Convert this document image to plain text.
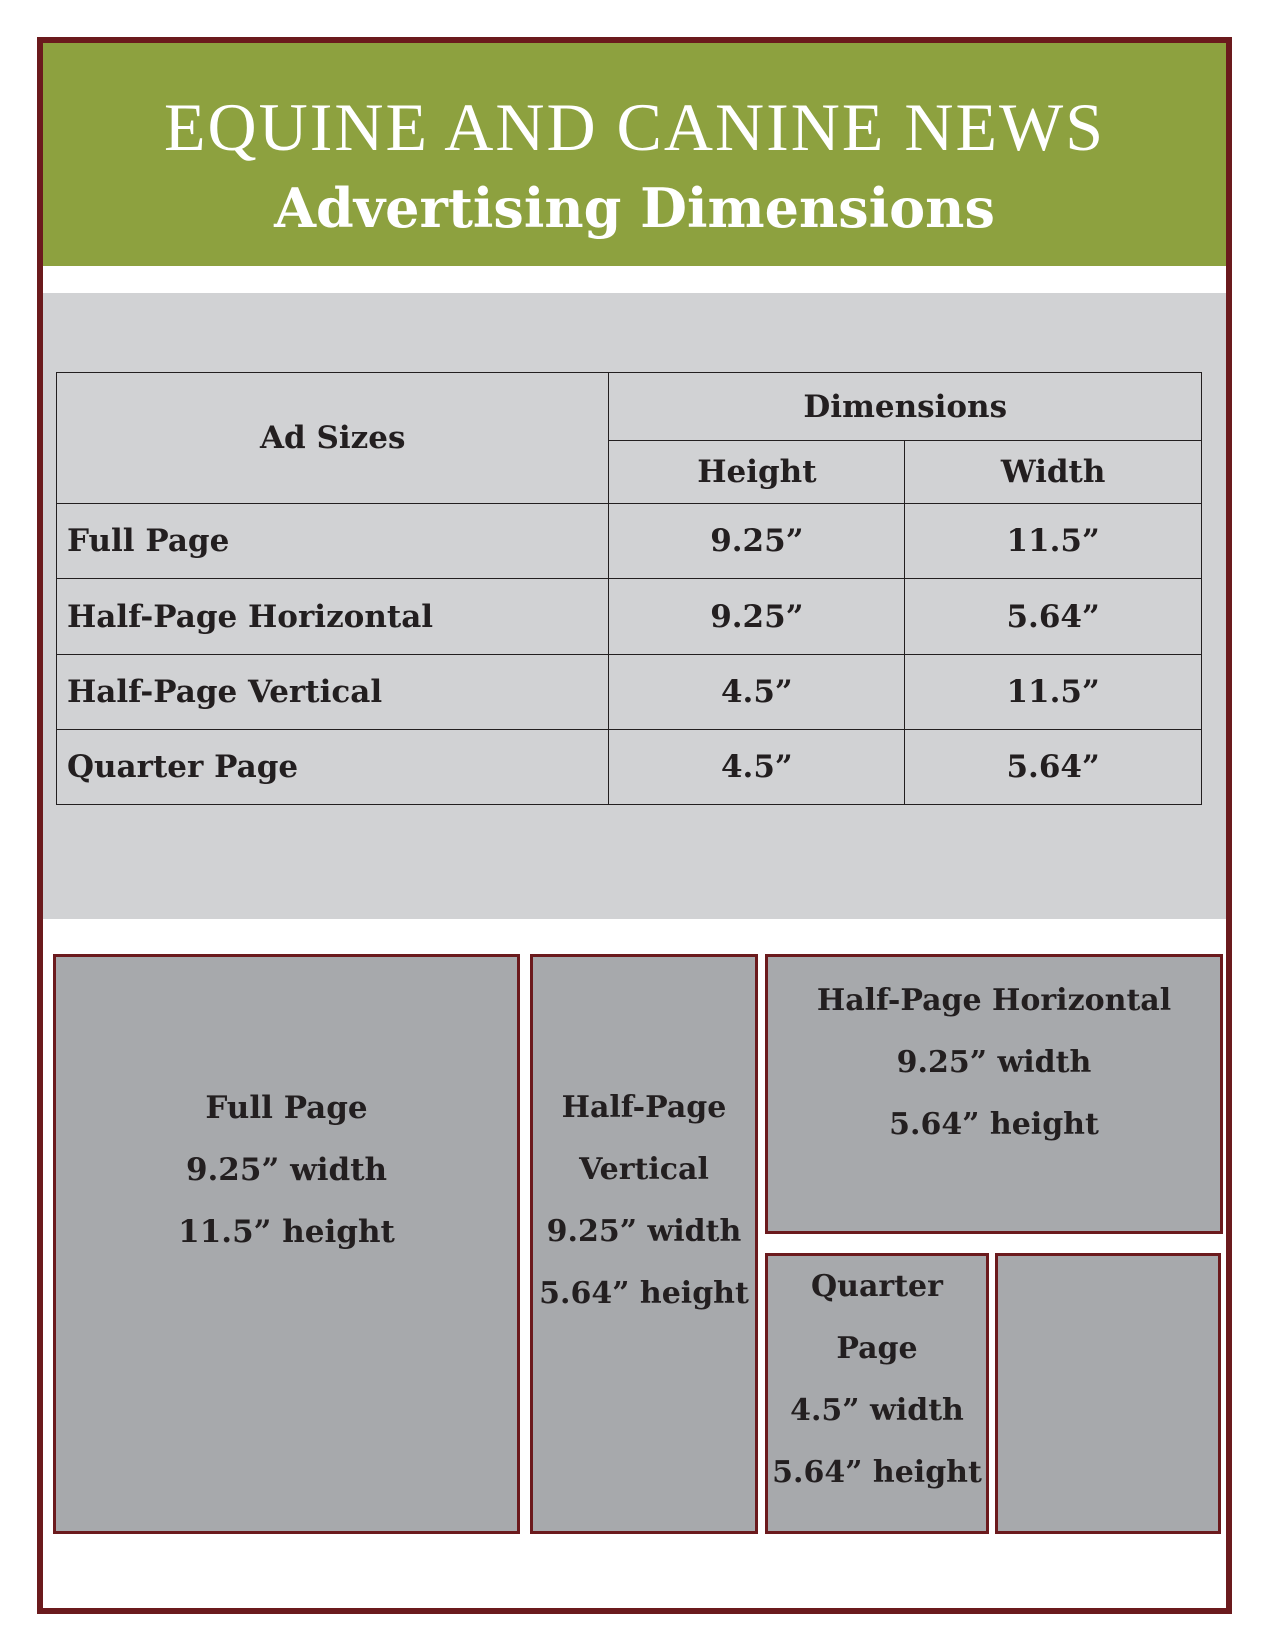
EQUINE AND CANINE NEWS
Advertising Dimensions
Ad Sizes	Dimensions	
	Height	Width
Full Page	9.25”	11.5”
Half-Page Horizontal	9.25”	5.64”
Half-Page Vertical	4.5”	11.5”
Quarter Page	4.5”	5.64”
Full Page
9.25” width
11.5” height
Half-Page
Vertical
9.25” width
5.64” height
Half-Page Horizontal
9.25” width
5.64” height
Quarter
Page
4.5” width
5.64” height
